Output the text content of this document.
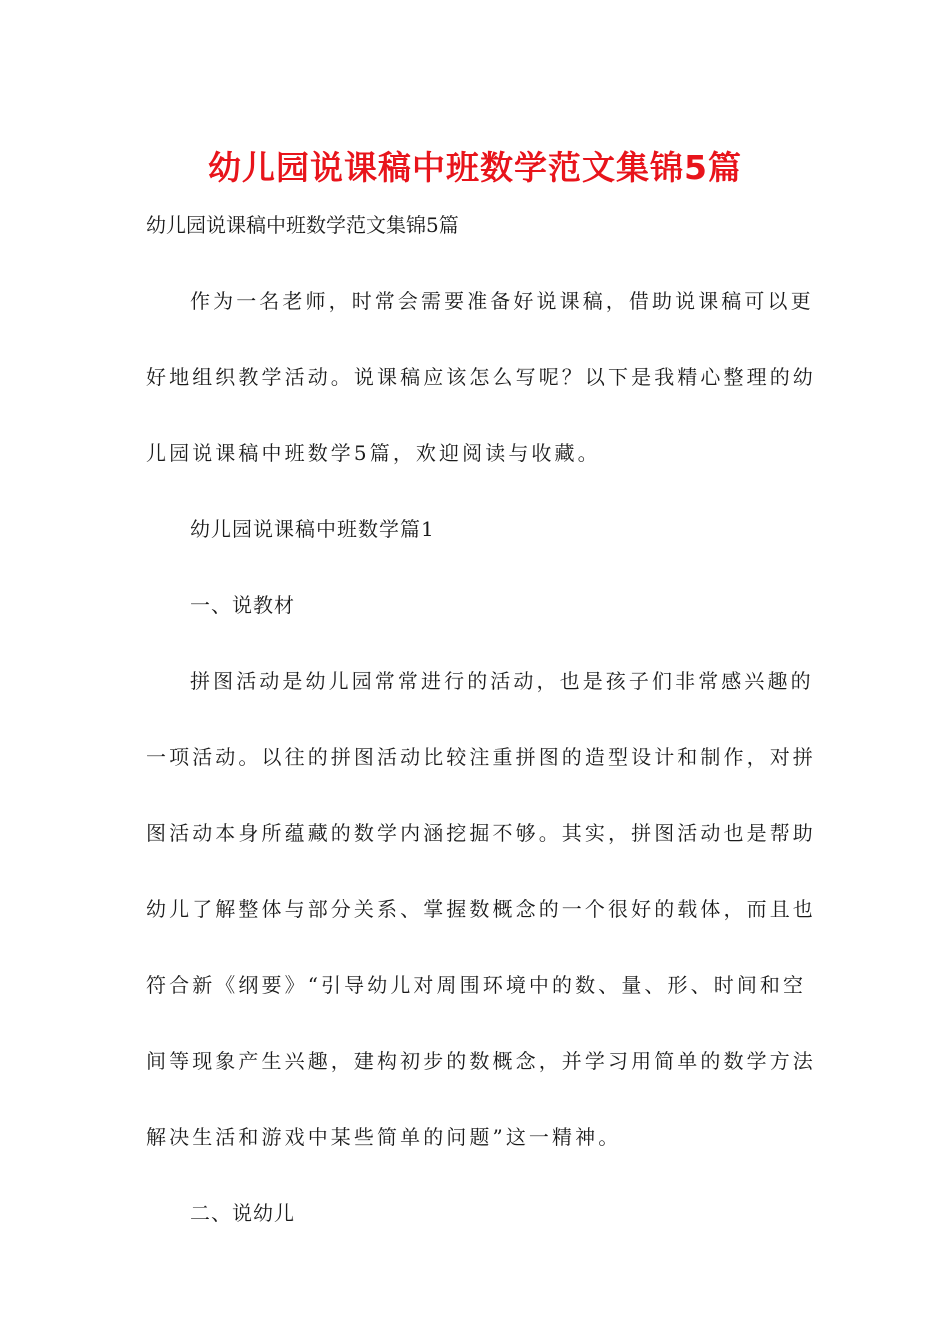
幼儿园说课稿中班数学范文集锦5篇
幼儿园说课稿中班数学范文集锦5篇
作为一名老师，时常会需要准备好说课稿，借助说课稿可以更
好地组织教学活动。说课稿应该怎么写呢？以下是我精心整理的幼
儿园说课稿中班数学5篇，欢迎阅读与收藏。
幼儿园说课稿中班数学篇1
一、说教材
拼图活动是幼儿园常常进行的活动，也是孩子们非常感兴趣的
一项活动。以往的拼图活动比较注重拼图的造型设计和制作，对拼
图活动本身所蕴藏的数学内涵挖掘不够。其实，拼图活动也是帮助
幼儿了解整体与部分关系、掌握数概念的一个很好的载体，而且也
符合新《纲要》“引导幼儿对周围环境中的数、量、形、时间和空
间等现象产生兴趣，建构初步的数概念，并学习用简单的数学方法
解决生活和游戏中某些简单的问题”这一精神。
二、说幼儿
